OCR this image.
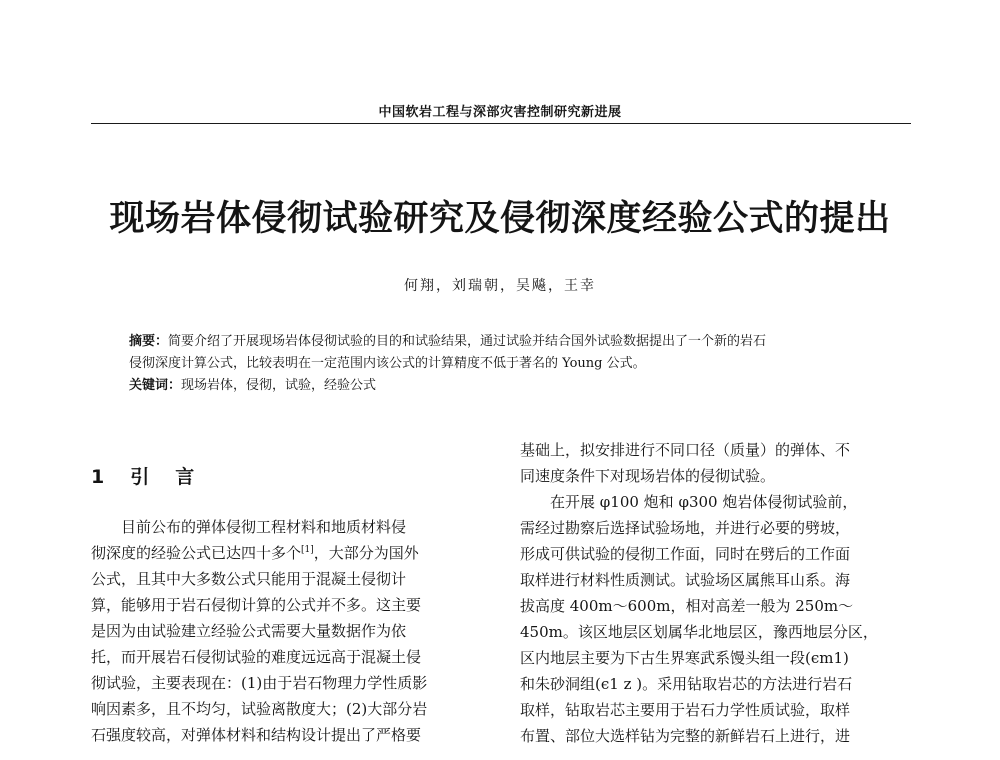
中国软岩工程与深部灾害控制研究新进展
现场岩体侵彻试验研究及侵彻深度经验公式的提出
何翔，刘瑞朝，吴飚，王幸
摘要：简要介绍了开展现场岩体侵彻试验的目的和试验结果，通过试验并结合国外试验数据提出了一个新的岩石
侵彻深度计算公式，比较表明在一定范围内该公式的计算精度不低于著名的 Young 公式。
关键词：现场岩体，侵彻，试验，经验公式
1 引 言
目前公布的弹体侵彻工程材料和地质材料侵
彻深度的经验公式已达四十多个[1]，大部分为国外
公式，且其中大多数公式只能用于混凝土侵彻计
算，能够用于岩石侵彻计算的公式并不多。这主要
是因为由试验建立经验公式需要大量数据作为依
托，而开展岩石侵彻试验的难度远远高于混凝土侵
彻试验，主要表现在：(1)由于岩石物理力学性质影
响因素多，且不均匀，试验离散度大；(2)大部分岩
石强度较高，对弹体材料和结构设计提出了严格要
基础上，拟安排进行不同口径（质量）的弹体、不
同速度条件下对现场岩体的侵彻试验。
在开展 φ100 炮和 φ300 炮岩体侵彻试验前，
需经过勘察后选择试验场地，并进行必要的劈坡，
形成可供试验的侵彻工作面，同时在劈后的工作面
取样进行材料性质测试。试验场区属熊耳山系。海
拔高度 400m～600m，相对高差一般为 250m～
450m。该区地层区划属华北地层区，豫西地层分区，
区内地层主要为下古生界寒武系馒头组一段(єm1)
和朱砂洞组(є1 z )。采用钻取岩芯的方法进行岩石
取样，钻取岩芯主要用于岩石力学性质试验，取样
布置、部位大选样钻为完整的新鲜岩石上进行，进
